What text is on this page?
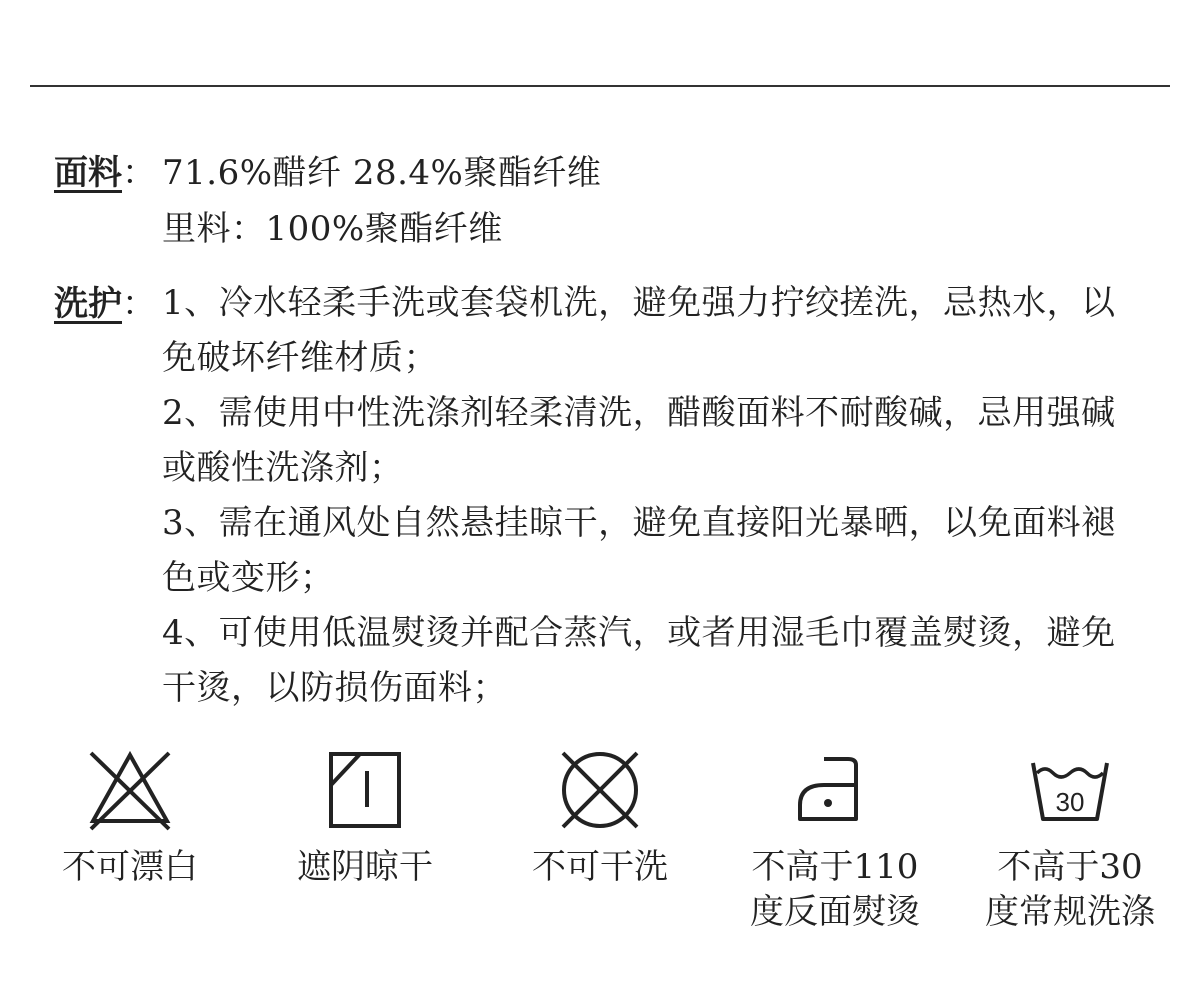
面料 ： 71.6%醋纤 28.4%聚酯纤维
里料：100%聚酯纤维
洗护 ： 1、冷水轻柔手洗或套袋机洗，避免强力拧绞搓洗，忌热水，以免破坏纤维材质；
2、需使用中性洗涤剂轻柔清洗，醋酸面料不耐酸碱，忌用强碱或酸性洗涤剂；
3、需在通风处自然悬挂晾干，避免直接阳光暴晒，以免面料褪色或变形；
4、可使用低温熨烫并配合蒸汽，或者用湿毛巾覆盖熨烫，避免干烫，以防损伤面料；
不可漂白	遮阴晾干	不可干洗	不高于110
度反面熨烫
30
不高于30
度常规洗涤
